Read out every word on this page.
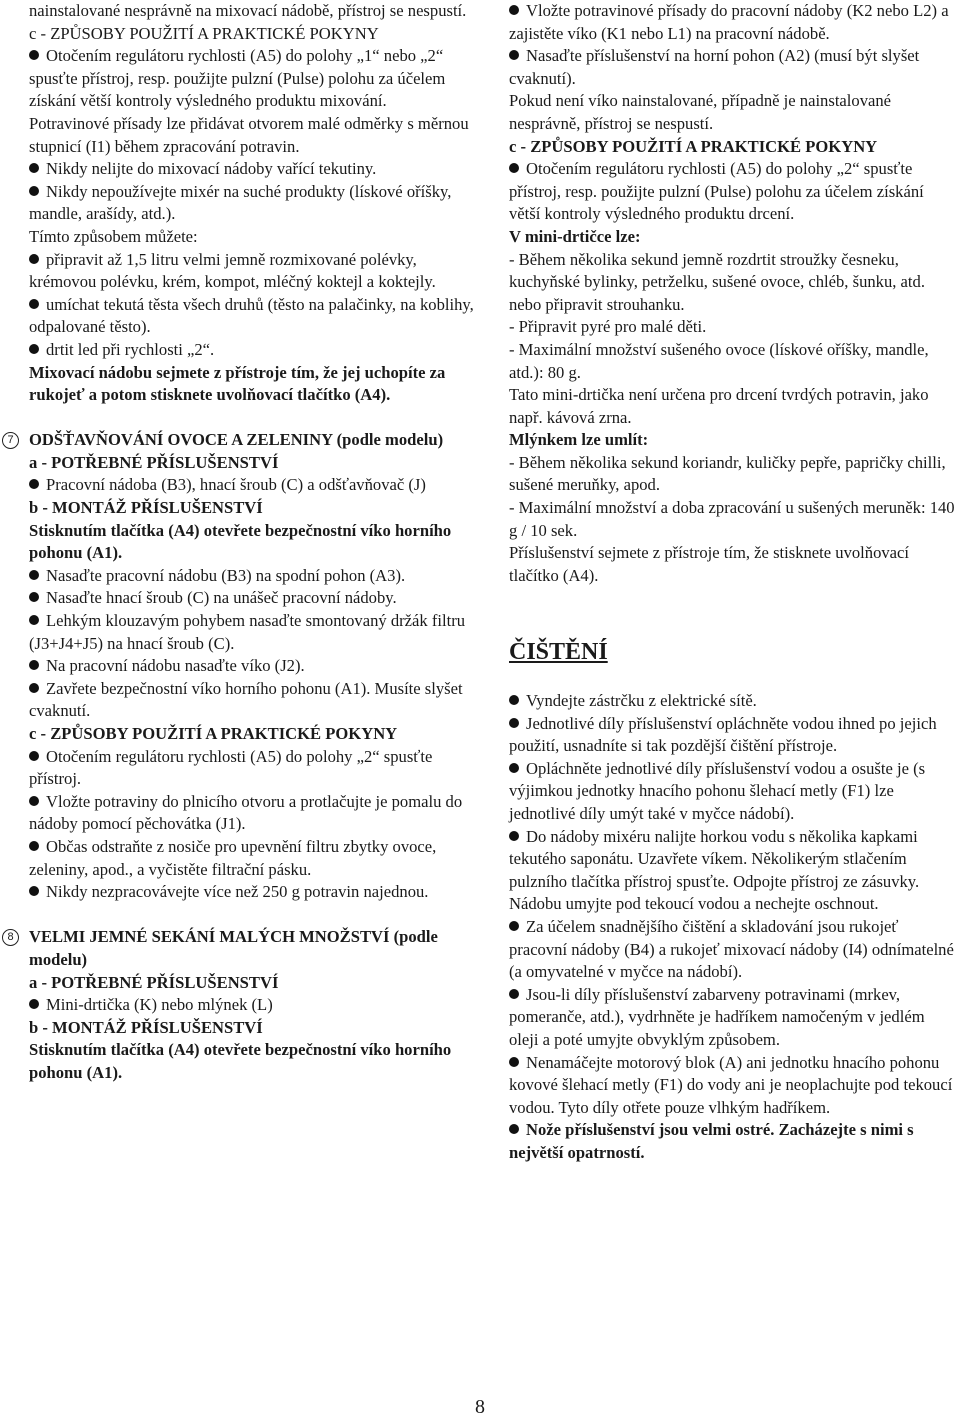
nainstalované nesprávně na mixovací nádobě, přístroj se nespustí.

c - ZPŮSOBY POUŽITÍ A PRAKTICKÉ POKYNY

Otočením regulátoru rychlosti (A5) do polohy „1“ nebo „2“ spusťte přístroj, resp. použijte pulzní (Pulse) polohu za účelem získání větší kontroly výsledného produktu mixování.

Potravinové přísady lze přidávat otvorem malé odměrky s měrnou stupnicí (I1) během zpracování potravin.

Nikdy nelijte do mixovací nádoby vařící tekutiny.

Nikdy nepoužívejte mixér na suché produkty (lískové oříšky, mandle, arašídy, atd.).

Tímto způsobem můžete:

připravit až 1,5 litru velmi jemně rozmixované polévky, krémovou polévku, krém, kompot, mléčný koktejl a koktejly.

umíchat tekutá těsta všech druhů (těsto na palačinky, na koblihy, odpalované těsto).

drtit led při rychlosti „2“.

Mixovací nádobu sejmete z přístroje tím, že jej uchopíte za rukojeť a potom stisknete uvolňovací tlačítko (A4).

7 ODŠŤAVŇOVÁNÍ OVOCE A ZELENINY (podle modelu)

a - POTŘEBNÉ PŘÍSLUŠENSTVÍ

Pracovní nádoba (B3), hnací šroub (C) a odšťavňovač (J)

b - MONTÁŽ PŘÍSLUŠENSTVÍ

Stisknutím tlačítka (A4) otevřete bezpečnostní víko horního pohonu (A1).

Nasaďte pracovní nádobu (B3) na spodní pohon (A3).

Nasaďte hnací šroub (C) na unášeč pracovní nádoby.

Lehkým klouzavým pohybem nasaďte smontovaný držák filtru (J3+J4+J5) na hnací šroub (C).

Na pracovní nádobu nasaďte víko (J2).

Zavřete bezpečnostní víko horního pohonu (A1). Musíte slyšet cvaknutí.

c - ZPŮSOBY POUŽITÍ A PRAKTICKÉ POKYNY

Otočením regulátoru rychlosti (A5) do polohy „2“ spusťte přístroj.

Vložte potraviny do plnicího otvoru a protlačujte je pomalu do nádoby pomocí pěchovátka (J1).

Občas odstraňte z nosiče pro upevnění filtru zbytky ovoce, zeleniny, apod., a vyčistěte filtrační pásku.

Nikdy nezpracovávejte více než 250 g potravin najednou.

8 VELMI JEMNÉ SEKÁNÍ MALÝCH MNOŽSTVÍ (podle modelu)

a - POTŘEBNÉ PŘÍSLUŠENSTVÍ

Mini-drtička (K) nebo mlýnek (L)

b - MONTÁŽ PŘÍSLUŠENSTVÍ

Stisknutím tlačítka (A4) otevřete bezpečnostní víko horního pohonu (A1).

Vložte potravinové přísady do pracovní nádoby (K2 nebo L2) a zajistěte víko (K1 nebo L1) na pracovní nádobě.

Nasaďte příslušenství na horní pohon (A2) (musí být slyšet cvaknutí).

Pokud není víko nainstalované, případně je nainstalované nesprávně, přístroj se nespustí.

c - ZPŮSOBY POUŽITÍ A PRAKTICKÉ POKYNY

Otočením regulátoru rychlosti (A5) do polohy „2“ spusťte přístroj, resp. použijte pulzní (Pulse) polohu za účelem získání větší kontroly výsledného produktu drcení.

V mini-drtičce lze:

- Během několika sekund jemně rozdrtit stroužky česneku, kuchyňské bylinky, petrželku, sušené ovoce, chléb, šunku, atd. nebo připravit strouhanku.

- Připravit pyré pro malé děti.

- Maximální množství sušeného ovoce (lískové oříšky, mandle, atd.): 80 g.

Tato mini-drtička není určena pro drcení tvrdých potravin, jako např. kávová zrna.

Mlýnkem lze umlít:

- Během několika sekund koriandr, kuličky pepře, papričky chilli, sušené meruňky, apod.

- Maximální množství a doba zpracování u sušených meruněk: 140 g / 10 sek.

Příslušenství sejmete z přístroje tím, že stisknete uvolňovací tlačítko (A4).

ČIŠTĚNÍ

Vyndejte zástrčku z elektrické sítě.

Jednotlivé díly příslušenství opláchněte vodou ihned po jejich použití, usnadníte si tak pozdější čištění přístroje.

Opláchněte jednotlivé díly příslušenství vodou a osušte je (s výjimkou jednotky hnacího pohonu šlehací metly (F1) lze jednotlivé díly umýt také v myčce nádobí).

Do nádoby mixéru nalijte horkou vodu s několika kapkami tekutého saponátu. Uzavřete víkem. Několikerým stlačením pulzního tlačítka přístroj spusťte. Odpojte přístroj ze zásuvky. Nádobu umyjte pod tekoucí vodou a nechejte oschnout.

Za účelem snadnějšího čištění a skladování jsou rukojeť pracovní nádoby (B4) a rukojeť mixovací nádoby (I4) odnímatelné (a omyvatelné v myčce na nádobí).

Jsou-li díly příslušenství zabarveny potravinami (mrkev, pomeranče, atd.), vydrhněte je hadříkem namočeným v jedlém oleji a poté umyjte obvyklým způsobem.

Nenamáčejte motorový blok (A) ani jednotku hnacího pohonu kovové šlehací metly (F1) do vody ani je neoplachujte pod tekoucí vodou. Tyto díly otřete pouze vlhkým hadříkem.

Nože příslušenství jsou velmi ostré. Zacházejte s nimi s největší opatrností.

8
